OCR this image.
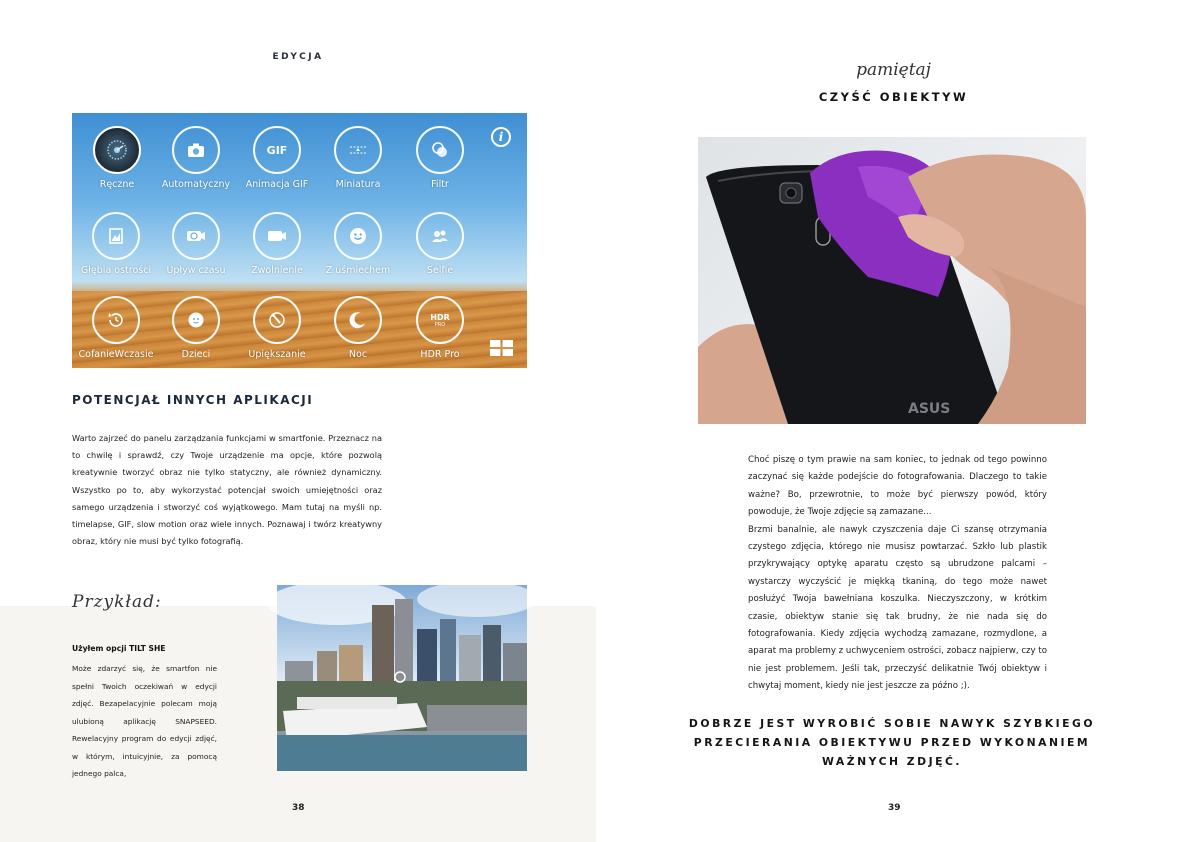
EDYCJA
i
Ręczne	Automatyczny
GIF
Animacja GIF	Miniatura	Filtr
Głębia ostrości	Upływ czasu	Zwolnienie	Z uśmiechem	Selfie
CofanieWczasie	Dzieci	Upiększanie	Noc
HDR
PRO
HDR Pro
POTENCJAŁ INNYCH APLIKACJI

Warto zajrzeć do panelu zarządzania funkcjami w smartfonie. Przeznacz na to chwilę i sprawdź, czy Twoje urządzenie ma opcje, które pozwolą kreatywnie tworzyć obraz nie tylko statyczny, ale również dynamiczny. Wszystko po to, aby wykorzystać potencjał swoich umiejętności oraz samego urządzenia i stworzyć coś wyjątkowego. Mam tutaj na myśli np. timelapse, GIF, slow motion oraz wiele innych. Poznawaj i twórz kreatywny obraz, który nie musi być tylko fotografią.

Przykład:
Użyłem opcji TILT SHE

Może zdarzyć się, że smartfon nie spełni Twoich oczekiwań w edycji zdjęć. Bezapelacyjnie polecam moją ulubioną aplikację SNAPSEED. Rewelacyjny program do edycji zdjęć, w którym, intuicyjnie, za pomocą jednego palca,

38
pamiętaj
CZYŚĆ OBIEKTYW
ASUS

Choć piszę o tym prawie na sam koniec, to jednak od tego powinno zaczynać się każde podejście do fotografowania. Dlaczego to takie ważne? Bo, przewrotnie, to może być pierwszy powód, który powoduje, że Twoje zdjęcie są zamazane...

Brzmi banalnie, ale nawyk czyszczenia daje Ci szansę otrzymania czystego zdjęcia, którego nie musisz powtarzać. Szkło lub plastik przykrywający optykę aparatu często są ubrudzone palcami – wystarczy wyczyścić je miękką tkaniną, do tego może nawet posłużyć Twoja bawełniana koszulka. Nieczyszczony, w krótkim czasie, obiektyw stanie się tak brudny, że nie nada się do fotografowania. Kiedy zdjęcia wychodzą zamazane, rozmydlone, a aparat ma problemy z uchwyceniem ostrości, zobacz najpierw, czy to nie jest problemem. Jeśli tak, przeczyść delikatnie Twój obiektyw i chwytaj moment, kiedy nie jest jeszcze za późno ;).

DOBRZE JEST WYROBIĆ SOBIE NAWYK SZYBKIEGO PRZECIERANIA OBIEKTYWU PRZED WYKONANIEM WAŻNYCH ZDJĘĆ.

39
